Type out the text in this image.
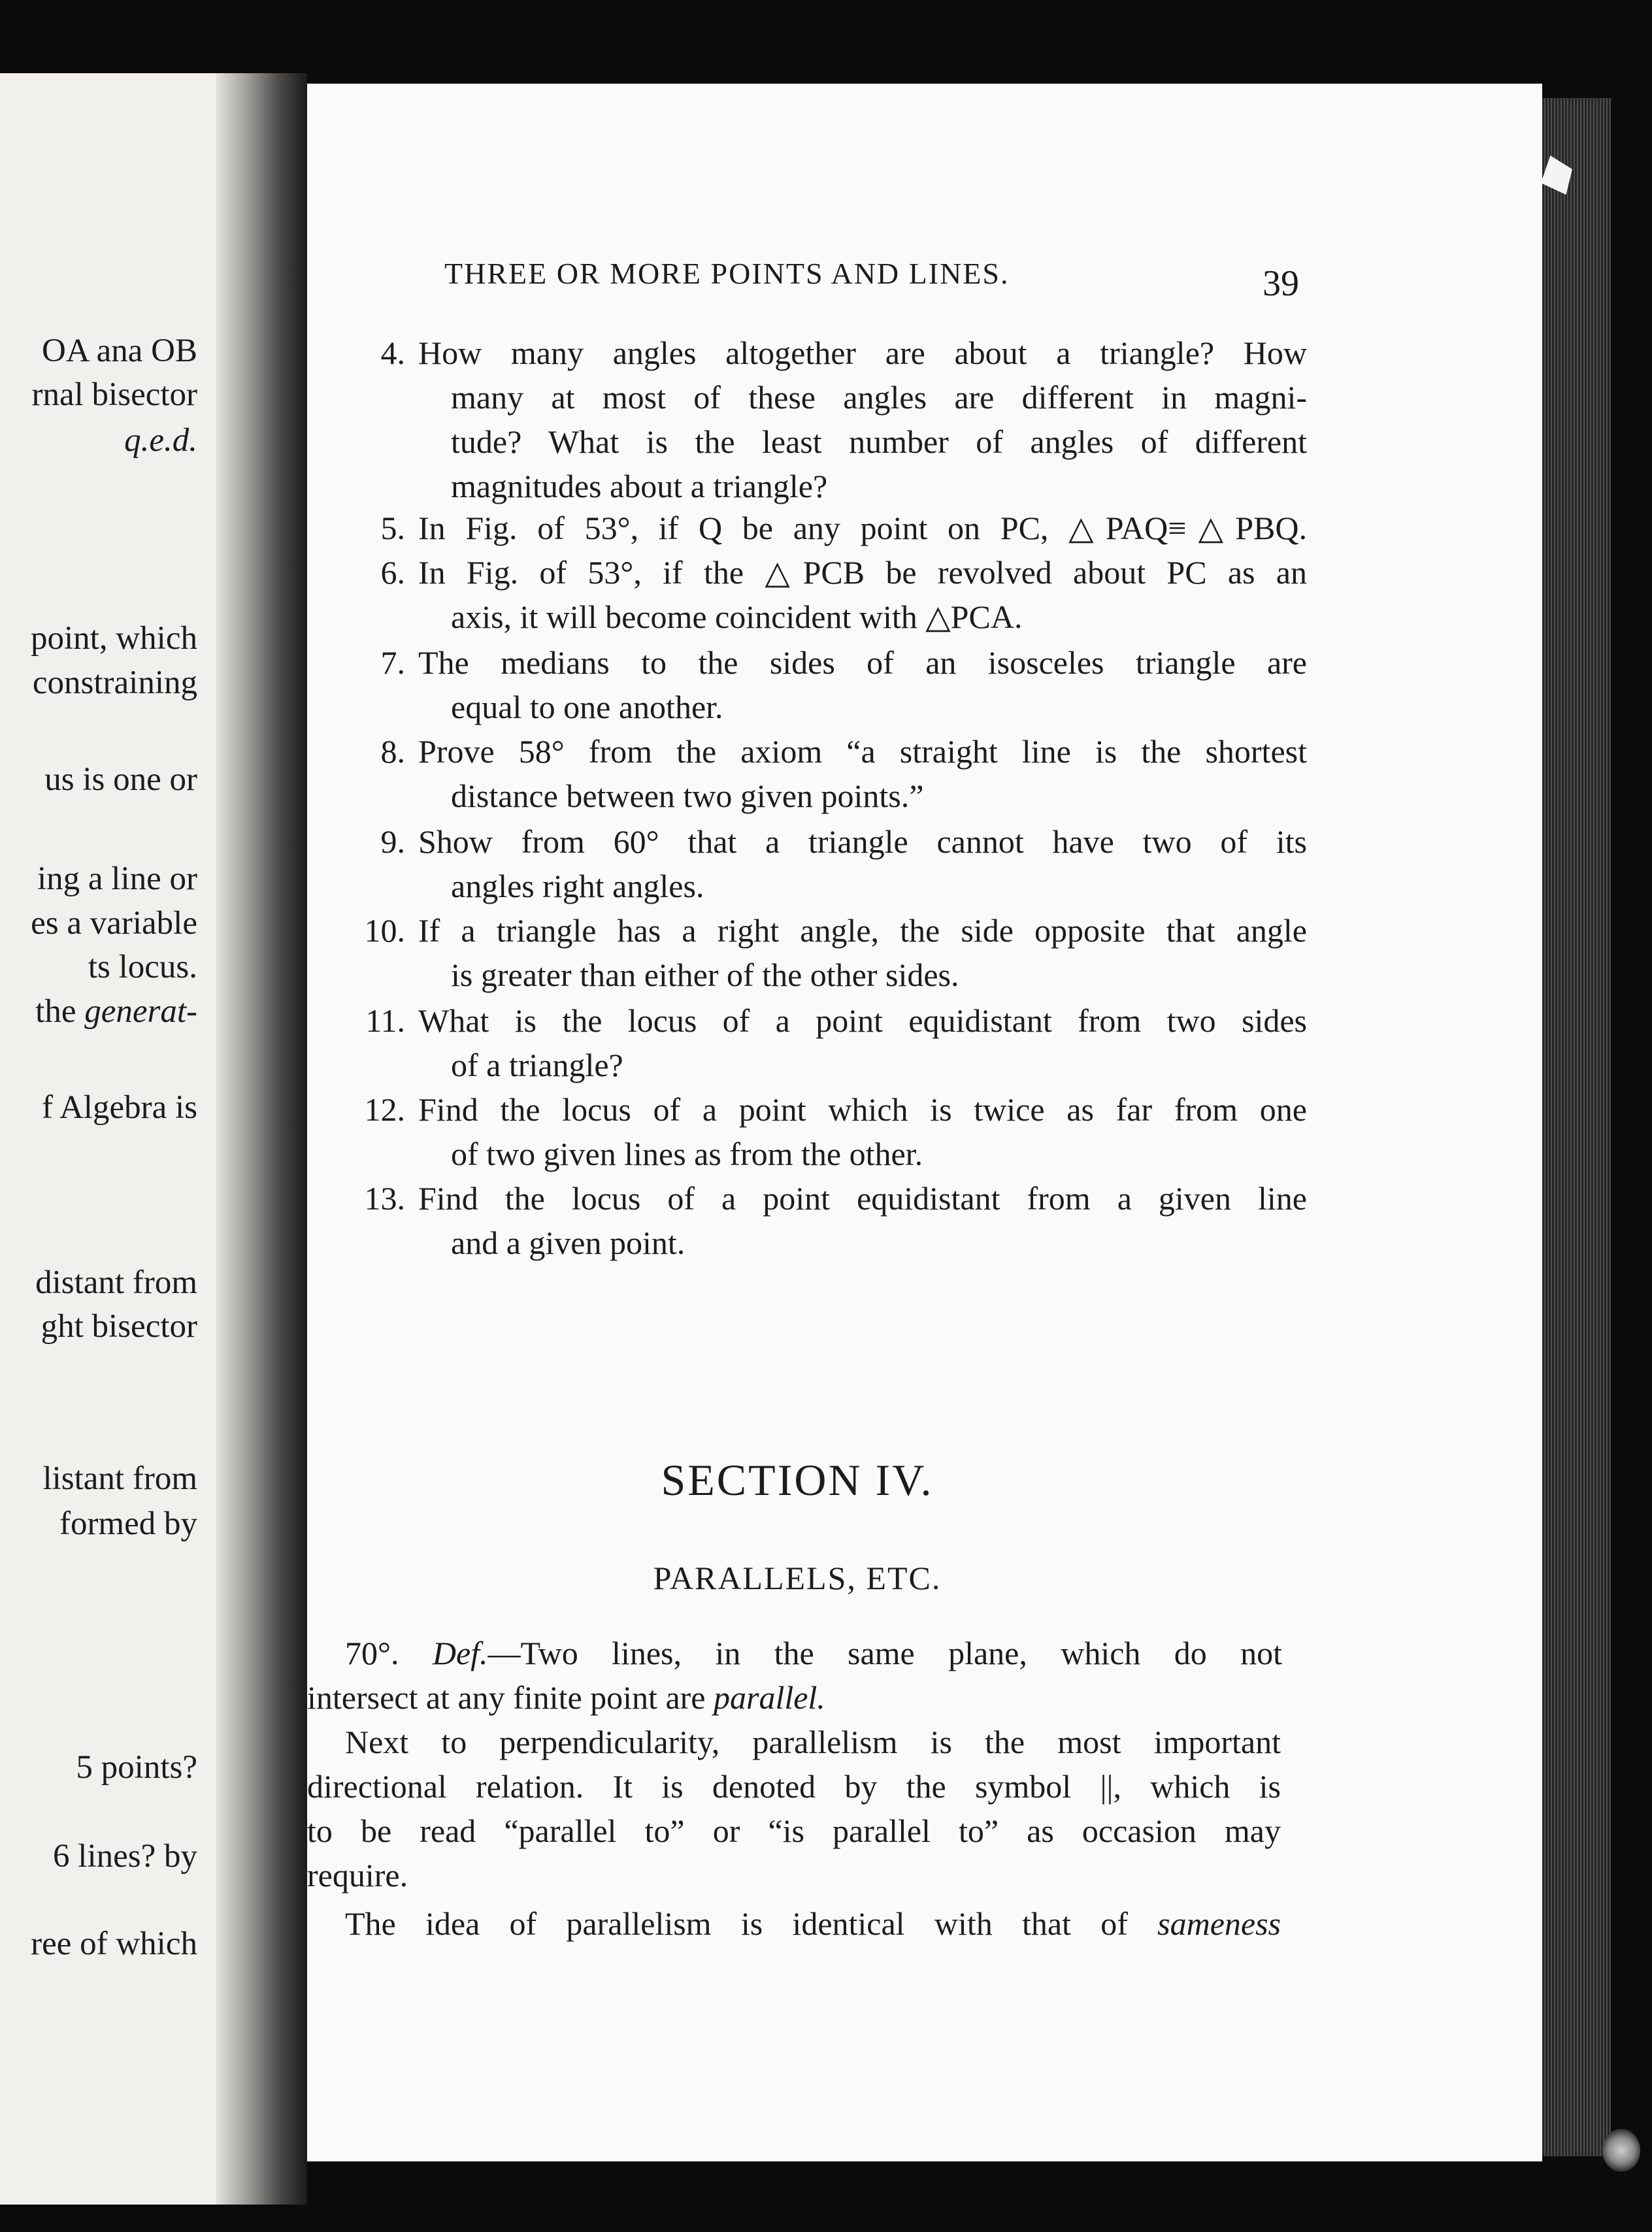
OA ana OB
rnal bisector
q.e.d.
point, which
constraining
us is one or
ing a line or
es a variable
ts locus.
the generat-
f Algebra is
distant from
ght bisector
listant from
formed by
5 points?
6 lines? by
ree of which
THREE OR MORE POINTS AND LINES.	39
4. How many angles altogether are about a triangle? How
many at most of these angles are different in magni-
tude? What is the least number of angles of different
magnitudes about a triangle?
5. In Fig. of 53°, if Q be any point on PC, △PAQ≡△PBQ.
6. In Fig. of 53°, if the △PCB be revolved about PC as an
axis, it will become coincident with △PCA.
7. The medians to the sides of an isosceles triangle are
equal to one another.
8. Prove 58° from the axiom “a straight line is the shortest
distance between two given points.”
9. Show from 60° that a triangle cannot have two of its
angles right angles.
10. If a triangle has a right angle, the side opposite that angle
is greater than either of the other sides.
11. What is the locus of a point equidistant from two sides
of a triangle?
12. Find the locus of a point which is twice as far from one
of two given lines as from the other.
13. Find the locus of a point equidistant from a given line
and a given point.
SECTION IV.
PARALLELS, ETC.
70°. Def.—Two lines, in the same plane, which do not
intersect at any finite point are parallel.
Next to perpendicularity, parallelism is the most important
directional relation. It is denoted by the symbol ||, which is
to be read “parallel to” or “is parallel to” as occasion may
require.
The idea of parallelism is identical with that of sameness
